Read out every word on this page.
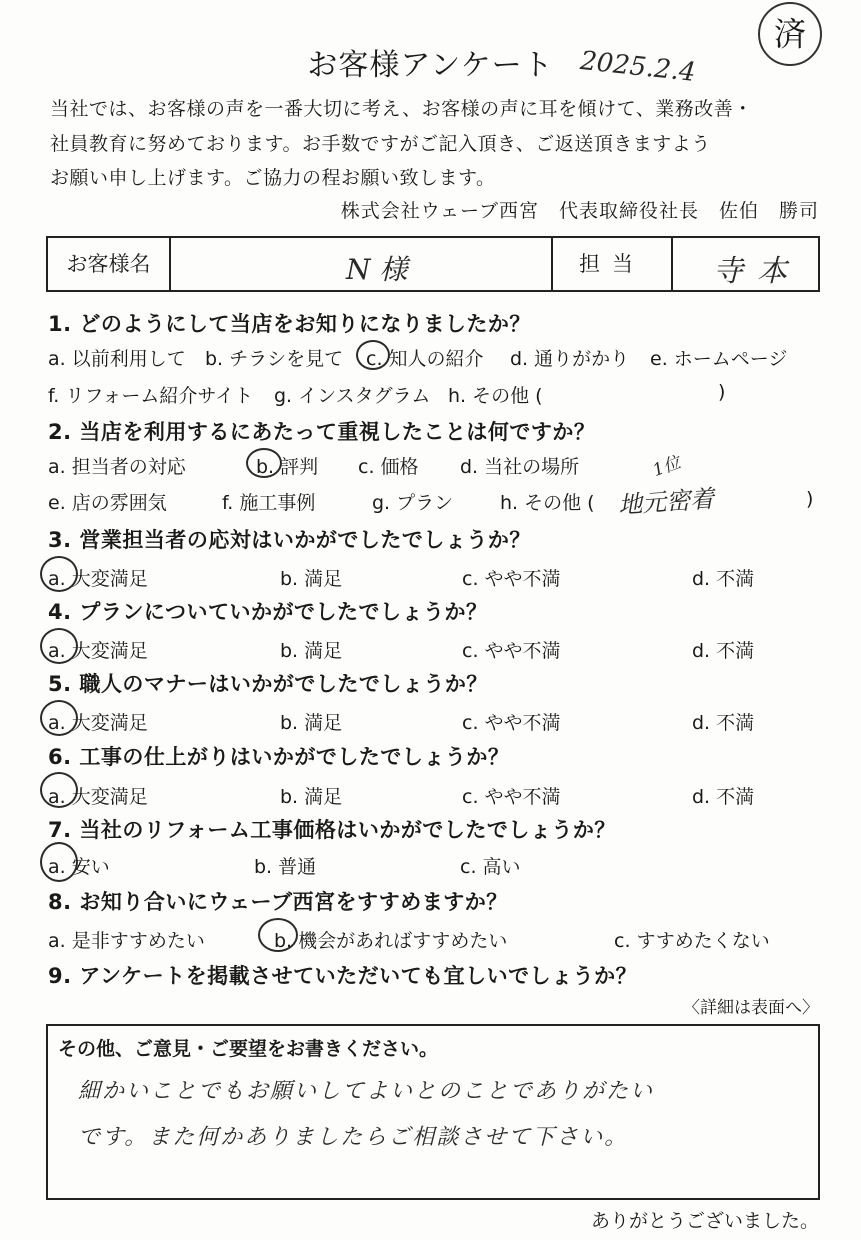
お客様アンケート 2025.2.4
済
当社では、お客様の声を一番大切に考え、お客様の声に耳を傾けて、業務改善・
社員教育に努めております。お手数ですがご記入頂き、ご返送頂きますよう
お願い申し上げます。ご協力の程お願い致します。
株式会社ウェーブ西宮　代表取締役社長　佐伯　勝司
お客様名	N 様	担当	寺本
1. どのようにして当店をお知りになりましたか？
a. 以前利用して b. チラシを見て c. 知人の紹介 d. 通りがかり e. ホームページ
f. リフォーム紹介サイト g. インスタグラム h. その他 (	)
2. 当店を利用するにあたって重視したことは何ですか？
a. 担当者の対応	b. 評判 c. 価格 d. 当社の場所	1位
e. 店の雰囲気	f. 施工事例	g. プラン h. その他 ( 地元密着	)
3. 営業担当者の応対はいかがでしたでしょうか？
a. 大変満足	b. 満足	c. やや不満	d. 不満
4. プランについていかがでしたでしょうか？
a. 大変満足	b. 満足	c. やや不満	d. 不満
5. 職人のマナーはいかがでしたでしょうか？
a. 大変満足	b. 満足	c. やや不満	d. 不満
6. 工事の仕上がりはいかがでしたでしょうか？
a. 大変満足	b. 満足	c. やや不満	d. 不満
7. 当社のリフォーム工事価格はいかがでしたでしょうか？
a. 安い	b. 普通	c. 高い
8. お知り合いにウェーブ西宮をすすめますか？
a. 是非すすめたい	b. 機会があればすすめたい	c. すすめたくない
9. アンケートを掲載させていただいても宜しいでしょうか？
〈詳細は表面へ〉
その他、ご意見・ご要望をお書きください。
細かいことでもお願いしてよいとのことでありがたい
です。また何かありましたらご相談させて下さい。
ありがとうございました。
